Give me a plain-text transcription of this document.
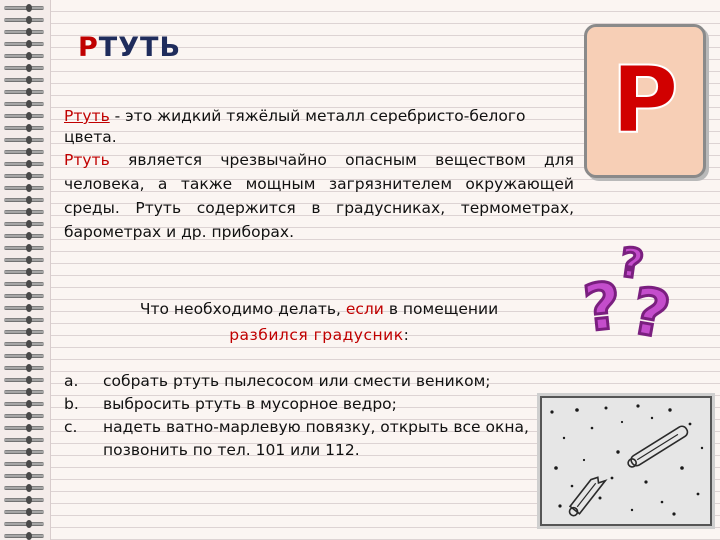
РТУТЬ
Ртуть - это жидкий тяжёлый металл серебристо-белого цвета.
Ртуть является чрезвычайно опасным веществом для человека, а также мощным загрязнителем окружающей среды. Ртуть содержится в градусниках, термометрах, барометрах и др. приборах.
Что необходимо делать, если в помещении
разбился градусник:
a. собрать ртуть пылесосом или смести веником;
b. выбросить ртуть в мусорное ведро;
c. надеть ватно-марлевую повязку, открыть все окна, позвонить по тел. 101 или 112.
Р
?
? ?
